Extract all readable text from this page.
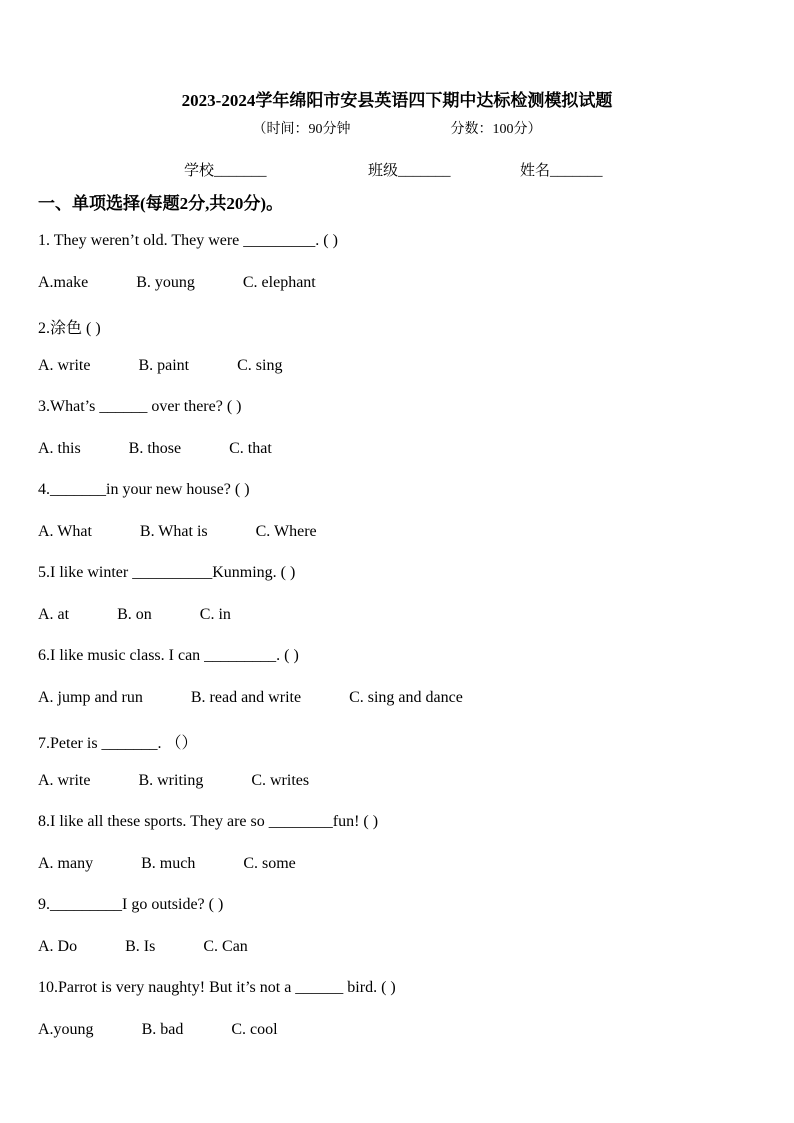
2023-2024学年绵阳市安县英语四下期中达标检测模拟试题
（时间：90分钟	分数：100分）
学校_______	班级_______	姓名_______
一、单项选择(每题2分,共20分)。
1. They weren’t old. They were _________. ( )
A.make	B. young	C. elephant
2.涂色 ( )
A. write	B. paint	C. sing
3.What’s ______ over there? ( )
A. this	B. those	C. that
4._______in your new house? ( )
A. What	B. What is	C. Where
5.I like winter __________Kunming. ( )
A. at	B. on	C. in
6.I like music class. I can _________. ( )
A. jump and run	B. read and write	C. sing and dance
7.Peter is _______. （）
A. write	B. writing	C. writes
8.I like all these sports. They are so ________fun! ( )
A. many	B. much	C. some
9._________I go outside? ( )
A. Do	B. Is	C. Can
10.Parrot is very naughty! But it’s not a ______ bird. ( )
A.young	B. bad	C. cool
